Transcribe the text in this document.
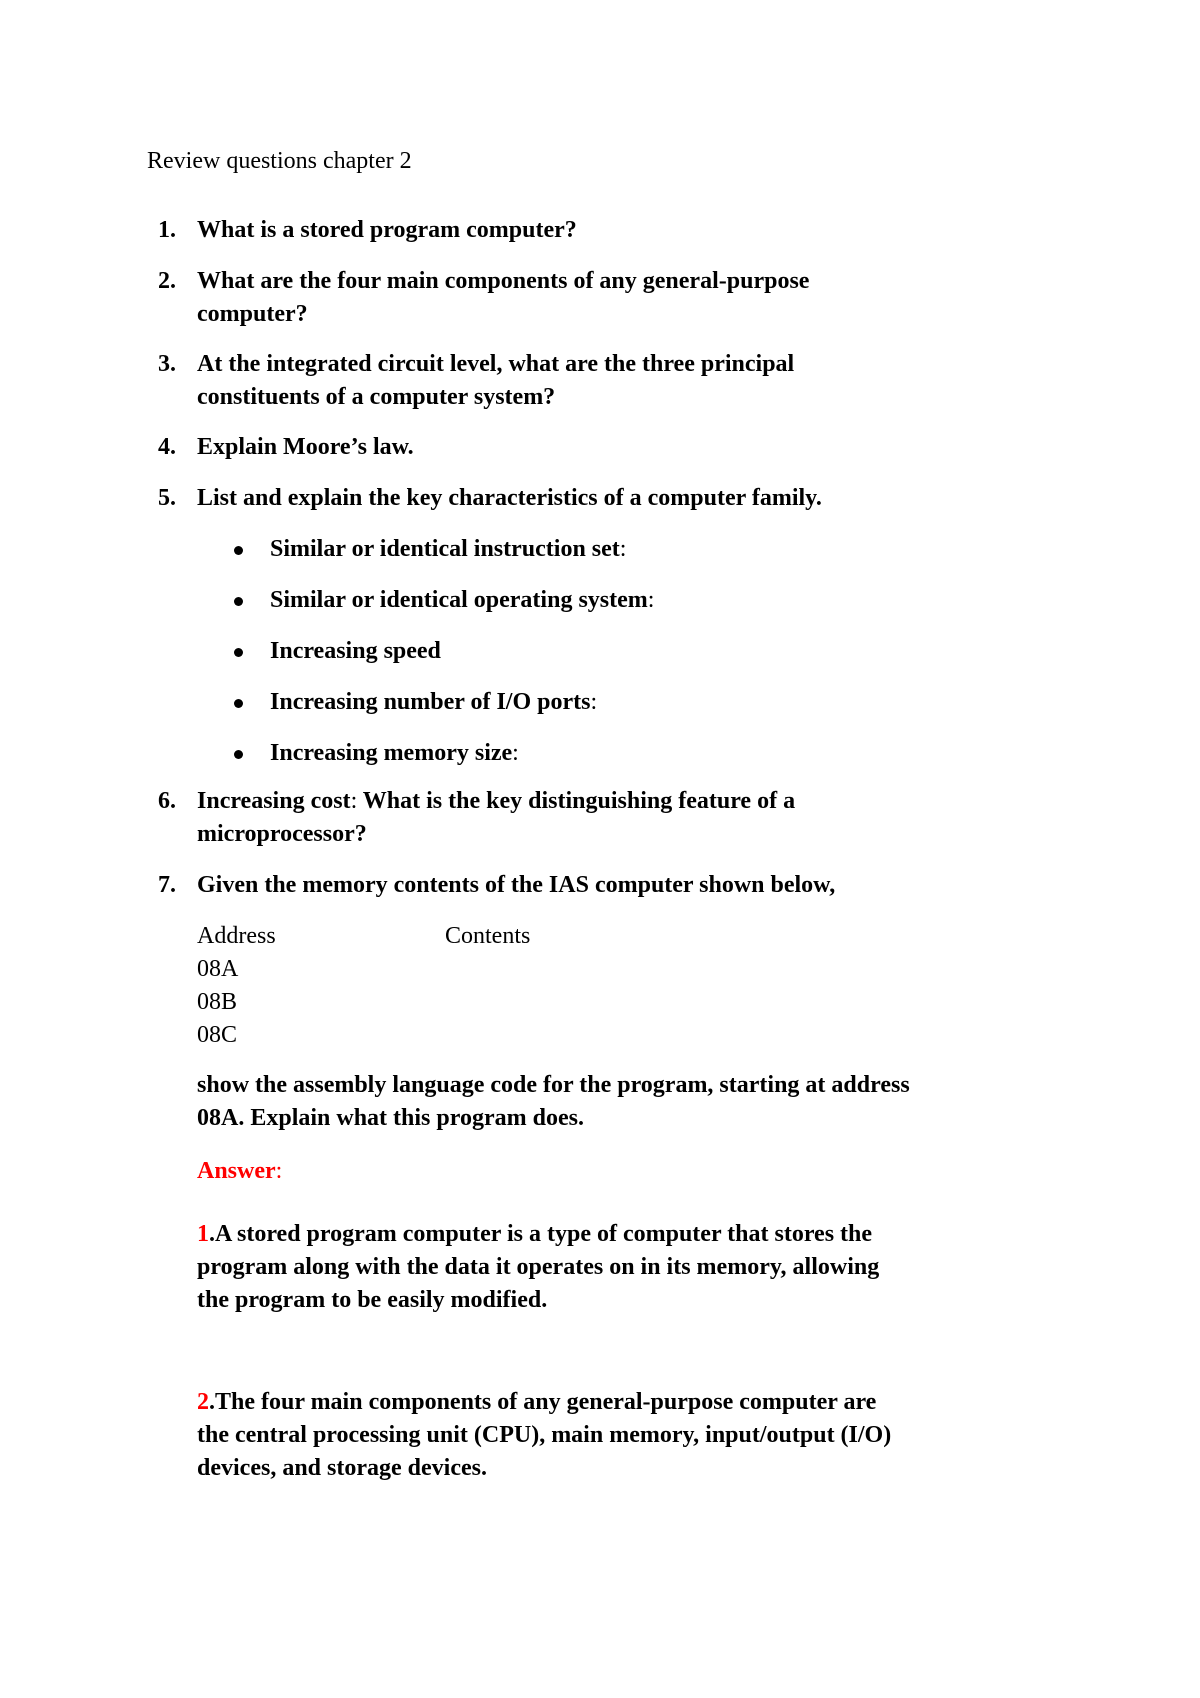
Review questions chapter 2
1. What is a stored program computer?
2. What are the four main components of any general-purpose
computer?
3. At the integrated circuit level, what are the three principal
constituents of a computer system?
4. Explain Moore’s law.
5. List and explain the key characteristics of a computer family.
Similar or identical instruction set:
Similar or identical operating system:
Increasing speed
Increasing number of I/O ports:
Increasing memory size:
6. Increasing cost: What is the key distinguishing feature of a
microprocessor?
7. Given the memory contents of the IAS computer shown below,
Address	Contents
08A
08B
08C
show the assembly language code for the program, starting at address
08A. Explain what this program does.
Answer:
1.A stored program computer is a type of computer that stores the
program along with the data it operates on in its memory, allowing
the program to be easily modified.
2.The four main components of any general-purpose computer are
the central processing unit (CPU), main memory, input/output (I/O)
devices, and storage devices.
